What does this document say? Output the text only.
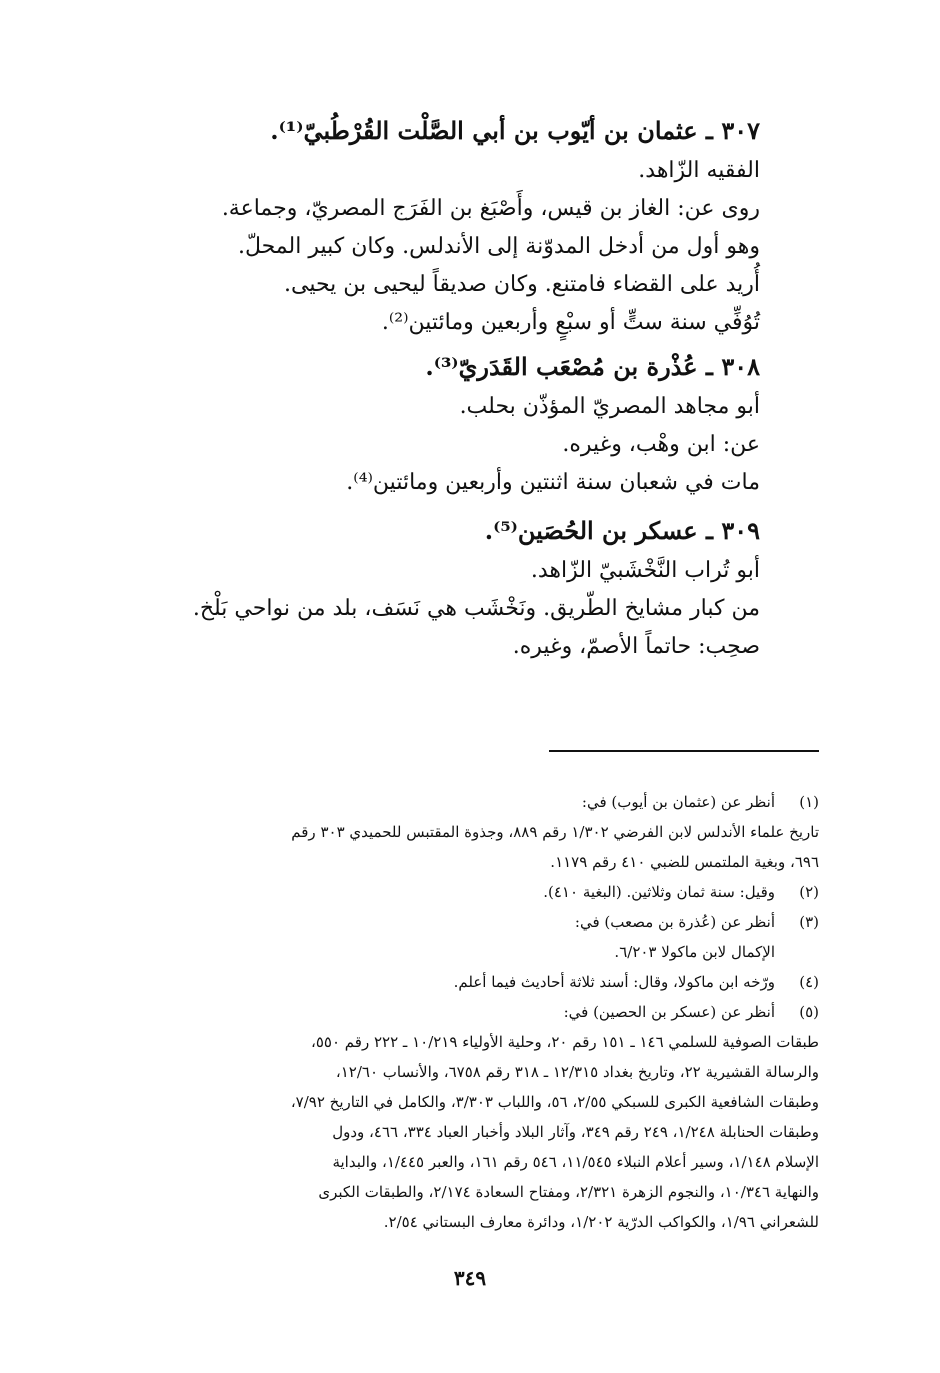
٣٠٧ ـ عثمان بن أيّوب بن أبي الصَّلْت القُرْطُبيّ⁽¹⁾.
الفقيه الزّاهد.
روى عن: الغاز بن قيس، وأَصْبَغ بن الفَرَج المصريّ، وجماعة.
وهو أول من أدخل المدوّنة إلى الأندلس. وكان كبير المحلّ.
أُريد على القضاء فامتنع. وكان صديقاً ليحيى بن يحيى.
تُوُفِّي سنة ستٍّ أو سبْعٍ وأربعين ومائتين⁽²⁾.
٣٠٨ ـ عُذْرة بن مُصْعَب القَدَريّ⁽³⁾.
أبو مجاهد المصريّ المؤذّن بحلب.
عن: ابن وهْب، وغيره.
مات في شعبان سنة اثنتين وأربعين ومائتين⁽⁴⁾.
٣٠٩ ـ عسكر بن الحُصَين⁽⁵⁾.
أبو تُراب النَّخْشَبيّ الزّاهد.
من كبار مشايخ الطّريق. ونَخْشَب هي نَسَف، بلد من نواحي بَلْخ.
صحِب: حاتماً الأصمّ، وغيره.
(١)أنظر عن (عثمان بن أيوب) في:
تاريخ علماء الأندلس لابن الفرضي ١/٣٠٢ رقم ٨٨٩، وجذوة المقتبس للحميدي ٣٠٣ رقم
٦٩٦، وبغية الملتمس للضبي ٤١٠ رقم ١١٧٩.
(٢)وقيل: سنة ثمان وثلاثين. (البغية ٤١٠).
(٣)أنظر عن (عُذرة بن مصعب) في:
الإكمال لابن ماكولا ٦/٢٠٣.
(٤)ورّخه ابن ماكولا، وقال: أسند ثلاثة أحاديث فيما أعلم.
(٥)أنظر عن (عسكر بن الحصين) في:
طبقات الصوفية للسلمي ١٤٦ ـ ١٥١ رقم ٢٠، وحلية الأولياء ١٠/٢١٩ ـ ٢٢٢ رقم ٥٥٠،
والرسالة القشيرية ٢٢، وتاريخ بغداد ١٢/٣١٥ ـ ٣١٨ رقم ٦٧٥٨، والأنساب ١٢/٦٠،
وطبقات الشافعية الكبرى للسبكي ٢/٥٥، ٥٦، واللباب ٣/٣٠٣، والكامل في التاريخ ٧/٩٢،
وطبقات الحنابلة ١/٢٤٨، ٢٤٩ رقم ٣٤٩، وآثار البلاد وأخبار العباد ٣٣٤، ٤٦٦، ودول
الإسلام ١/١٤٨، وسير أعلام النبلاء ١١/٥٤٥، ٥٤٦ رقم ١٦١، والعبر ١/٤٤٥، والبداية
والنهاية ١٠/٣٤٦، والنجوم الزهرة ٢/٣٢١، ومفتاح السعادة ٢/١٧٤، والطبقات الكبرى
للشعراني ١/٩٦، والكواكب الدرّية ١/٢٠٢، ودائرة معارف البستاني ٢/٥٤.
٣٤٩
